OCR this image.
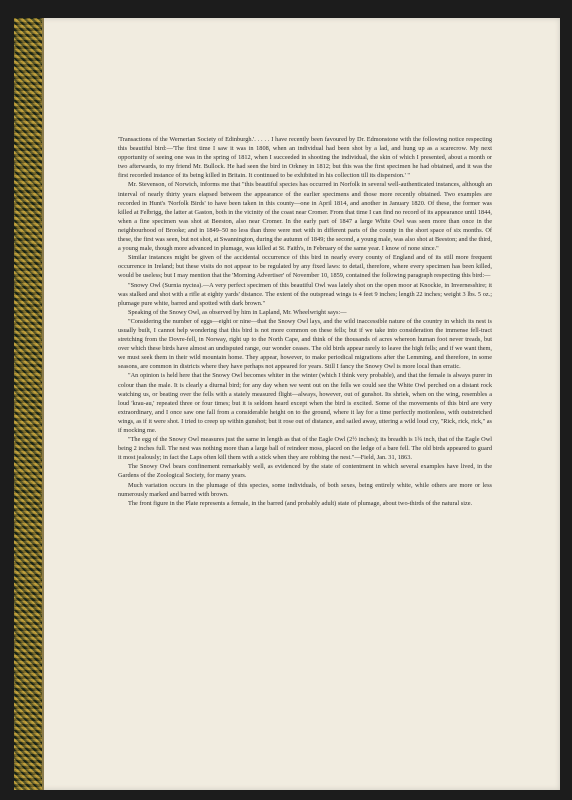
'Transactions of the Wernerian Society of Edinburgh.'. . . . . I have recently been favoured by Dr. Edmonstone with the following notice respecting this beautiful bird:—'The first time I saw it was in 1808, when an individual had been shot by a lad, and hung up as a scarecrow. My next opportunity of seeing one was in the spring of 1812, when I succeeded in shooting the individual, the skin of which I presented, about a month or two afterwards, to my friend Mr. Bullock. He had seen the bird in Orkney in 1812; but this was the first specimen he had obtained, and it was the first recorded instance of its being killed in Britain. It continued to be exhibited in his collection till its dispersion.' "

Mr. Stevenson, of Norwich, informs me that "this beautiful species has occurred in Norfolk in several well-authenticated instances, although an interval of nearly thirty years elapsed between the appearance of the earlier specimens and those more recently obtained. Two examples are recorded in Hunt's 'Norfolk Birds' to have been taken in this county—one in April 1814, and another in January 1820. Of these, the former was killed at Felbrigg, the latter at Gaston, both in the vicinity of the coast near Cromer. From that time I can find no record of its appearance until 1844, when a fine specimen was shot at Beeston, also near Cromer. In the early part of 1847 a large White Owl was seen more than once in the neighbourhood of Brooke; and in 1849–50 no less than three were met with in different parts of the county in the short space of six months. Of these, the first was seen, but not shot, at Swannington, during the autumn of 1849; the second, a young male, was also shot at Beeston; and the third, a young male, though more advanced in plumage, was killed at St. Faith's, in February of the same year. I know of none since."

Similar instances might be given of the accidental occurrence of this bird in nearly every county of England and of its still more frequent occurrence in Ireland; but these visits do not appear to be regulated by any fixed laws: to detail, therefore, where every specimen has been killed, would be useless; but I may mention that the 'Morning Advertiser' of November 10, 1859, contained the following paragraph respecting this bird:—

"Snowy Owl (Surnia nyctea).—A very perfect specimen of this beautiful Owl was lately shot on the open moor at Knockie, in Invernesshire; it was stalked and shot with a rifle at eighty yards' distance. The extent of the outspread wings is 4 feet 9 inches; length 22 inches; weight 3 lbs. 5 oz.; plumage pure white, barred and spotted with dark brown."

Speaking of the Snowy Owl, as observed by him in Lapland, Mr. Wheelwright says:—

"Considering the number of eggs—eight or nine—that the Snowy Owl lays, and the wild inaccessible nature of the country in which its nest is usually built, I cannot help wondering that this bird is not more common on these fells; but if we take into consideration the immense fell-tract stretching from the Dovre-fell, in Norway, right up to the North Cape, and think of the thousands of acres whereon human foot never treads, but over which these birds have almost an undisputed range, our wonder ceases. The old birds appear rarely to leave the high fells; and if we want them, we must seek them in their wild mountain home. They appear, however, to make periodical migrations after the Lemming, and therefore, in some seasons, are common in districts where they have perhaps not appeared for years. Still I fancy the Snowy Owl is more local than erratic.

"An opinion is held here that the Snowy Owl becomes whiter in the winter (which I think very probable), and that the female is always purer in colour than the male. It is clearly a diurnal bird; for any day when we went out on the fells we could see the White Owl perched on a distant rock watching us, or beating over the fells with a stately measured flight—always, however, out of gunshot. Its shriek, when on the wing, resembles a loud 'krau-au,' repeated three or four times; but it is seldom heard except when the bird is excited. Some of the movements of this bird are very extraordinary, and I once saw one fall from a considerable height on to the ground, where it lay for a time perfectly motionless, with outstretched wings, as if it were shot. I tried to creep up within gunshot; but it rose out of distance, and sailed away, uttering a wild loud cry, "Rick, rick, rick," as if mocking me.

"The egg of the Snowy Owl measures just the same in length as that of the Eagle Owl (2½ inches); its breadth is 1¾ inch, that of the Eagle Owl being 2 inches full. The nest was nothing more than a large ball of reindeer moss, placed on the ledge of a bare fell. The old birds appeared to guard it most jealously; in fact the Laps often kill them with a stick when they are robbing the nest."—Field, Jan. 31, 1863.

The Snowy Owl bears confinement remarkably well, as evidenced by the state of contentment in which several examples have lived, in the Gardens of the Zoological Society, for many years.

Much variation occurs in the plumage of this species, some individuals, of both sexes, being entirely white, while others are more or less numerously marked and barred with brown.

The front figure in the Plate represents a female, in the barred (and probably adult) state of plumage, about two-thirds of the natural size.
